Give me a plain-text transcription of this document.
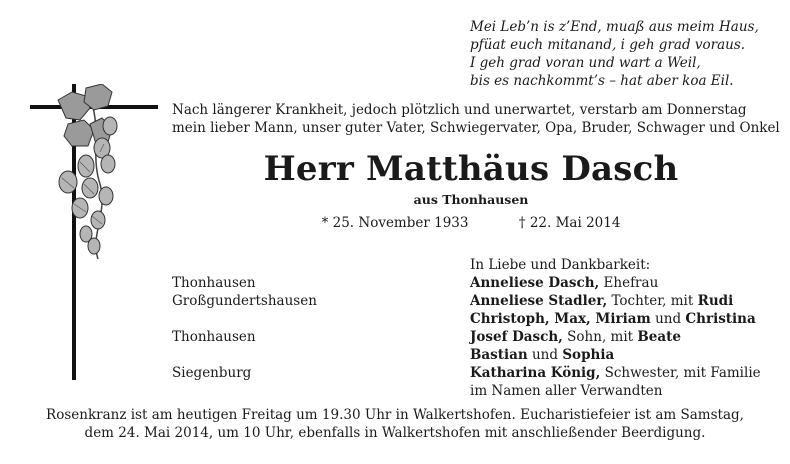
Mei Leb’n is z’End, muaß aus meim Haus,
pfüat euch mitanand, i geh grad voraus.
I geh grad voran und wart a Weil,
bis es nachkommt’s – hat aber koa Eil.
Nach längerer Krankheit, jedoch plötzlich und unerwartet, verstarb am Donnerstag
mein lieber Mann, unser guter Vater, Schwiegervater, Opa, Bruder, Schwager und Onkel
Herr Matthäus Dasch
aus Thonhausen
* 25. November 1933	† 22. Mai 2014
In Liebe und Dankbarkeit:
Thonhausen	Anneliese Dasch, Ehefrau
Großgundertshausen	Anneliese Stadler, Tochter, mit Rudi
Christoph, Max, Miriam und Christina
Thonhausen	Josef Dasch, Sohn, mit Beate
Bastian und Sophia
Siegenburg	Katharina König, Schwester, mit Familie
im Namen aller Verwandten
Rosenkranz ist am heutigen Freitag um 19.30 Uhr in Walkertshofen. Eucharistiefeier ist am Samstag,
dem 24. Mai 2014, um 10 Uhr, ebenfalls in Walkertshofen mit anschließender Beerdigung.
